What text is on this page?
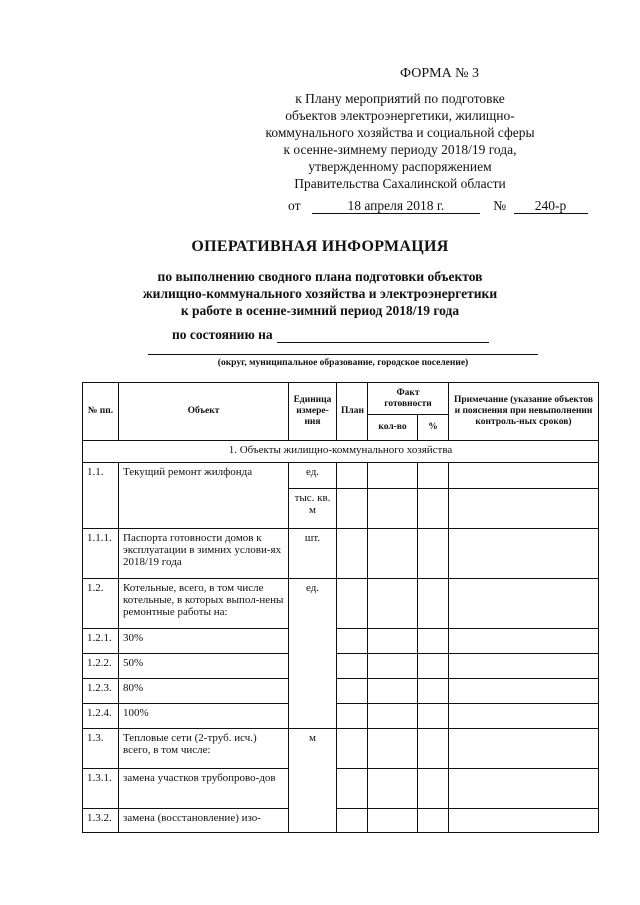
ФОРМА № 3
к Плану мероприятий по подготовке
объектов электроэнергетики, жилищно-
коммунального хозяйства и социальной сферы
к осенне-зимнему периоду 2018/19 года,
утвержденному распоряжением
Правительства Сахалинской области
от	18 апреля 2018 г.	№ 240-р
ОПЕРАТИВНАЯ ИНФОРМАЦИЯ
по выполнению сводного плана подготовки объектов
жилищно-коммунального хозяйства и электроэнергетики
к работе в осенне-зимний период 2018/19 года
по состоянию на
(округ, муниципальное образование, городское поселение)
№ пп.	Объект	Единица измере-ния	План	Факт готовности		Примечание (указание объектов и пояснения при невыполнении контроль-ных сроков)
				кол-во	%	
1. Объекты жилищно-коммунального хозяйства						
1.1.	Текущий ремонт жилфонда	ед.				
		тыс. кв. м				
1.1.1.	Паспорта готовности домов к эксплуатации в зимних услови-ях 2018/19 года	шт.				
1.2.	Котельные, всего, в том числе котельные, в которых выпол-нены ремонтные работы на:	ед.				
1.2.1.	30%					
1.2.2.	50%					
1.2.3.	80%					
1.2.4.	100%					
1.3.	Тепловые сети (2-труб. исч.) всего, в том числе:	м				
1.3.1.	замена участков трубопрово-дов					
1.3.2.	замена (восстановление) изо-					
